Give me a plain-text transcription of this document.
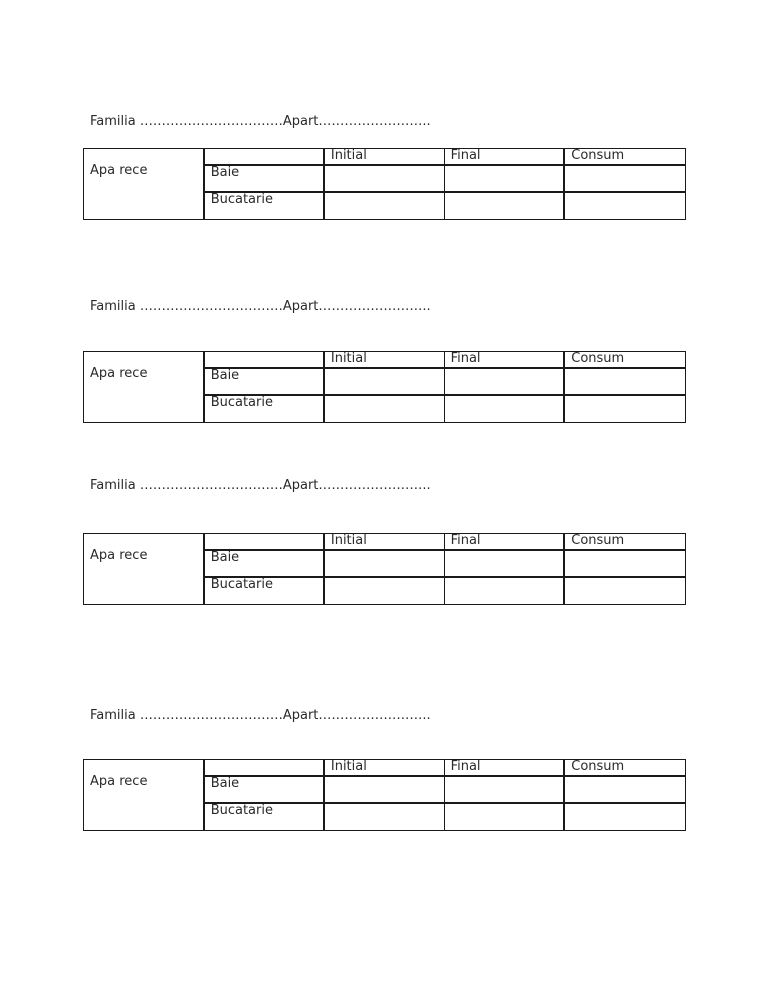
Familia ……………………………Apart……………………..
Apa rece		Initial	Final	Consum
	Baie			
	Bucatarie			
Familia ……………………………Apart……………………..
Apa rece		Initial	Final	Consum
	Baie			
	Bucatarie			
Familia ……………………………Apart……………………..
Apa rece		Initial	Final	Consum
	Baie			
	Bucatarie			
Familia ……………………………Apart……………………..
Apa rece		Initial	Final	Consum
	Baie			
	Bucatarie			
